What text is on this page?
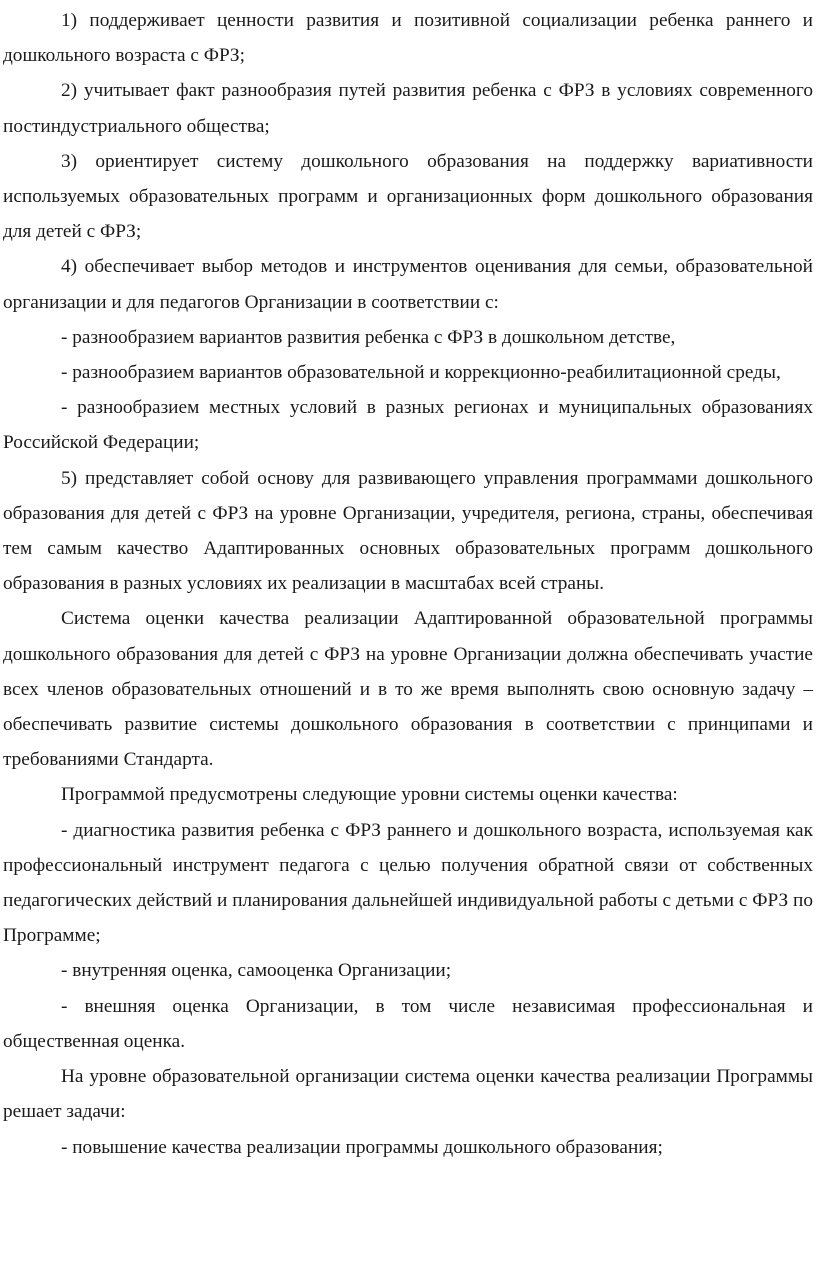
1) поддерживает ценности развития и позитивной социализации ребенка раннего и дошкольного возраста с ФРЗ;

2) учитывает факт разнообразия путей развития ребенка с ФРЗ в условиях современного постиндустриального общества;

3) ориентирует систему дошкольного образования на поддержку вариативности используемых образовательных программ и организационных форм дошкольного образования для детей с ФРЗ;

4) обеспечивает выбор методов и инструментов оценивания для семьи, образовательной организации и для педагогов Организации в соответствии с:

- разнообразием вариантов развития ребенка с ФРЗ в дошкольном детстве,

- разнообразием вариантов образовательной и коррекционно-реабилитационной среды,

- разнообразием местных условий в разных регионах и муниципальных образованиях Российской Федерации;

5) представляет собой основу для развивающего управления программами дошкольного образования для детей с ФРЗ на уровне Организации, учредителя, региона, страны, обеспечивая тем самым качество Адаптированных основных образовательных программ дошкольного образования в разных условиях их реализации в масштабах всей страны.

Система оценки качества реализации Адаптированной образовательной программы дошкольного образования для детей с ФРЗ на уровне Организации должна обеспечивать участие всех членов образовательных отношений и в то же время выполнять свою основную задачу – обеспечивать развитие системы дошкольного образования в соответствии с принципами и требованиями Стандарта.

Программой предусмотрены следующие уровни системы оценки качества:

- диагностика развития ребенка с ФРЗ раннего и дошкольного возраста, используемая как профессиональный инструмент педагога с целью получения обратной связи от собственных педагогических действий и планирования дальнейшей индивидуальной работы с детьми с ФРЗ по Программе;

- внутренняя оценка, самооценка Организации;

- внешняя оценка Организации, в том числе независимая профессиональная и общественная оценка.

На уровне образовательной организации система оценки качества реализации Программы решает задачи:

- повышение качества реализации программы дошкольного образования;
